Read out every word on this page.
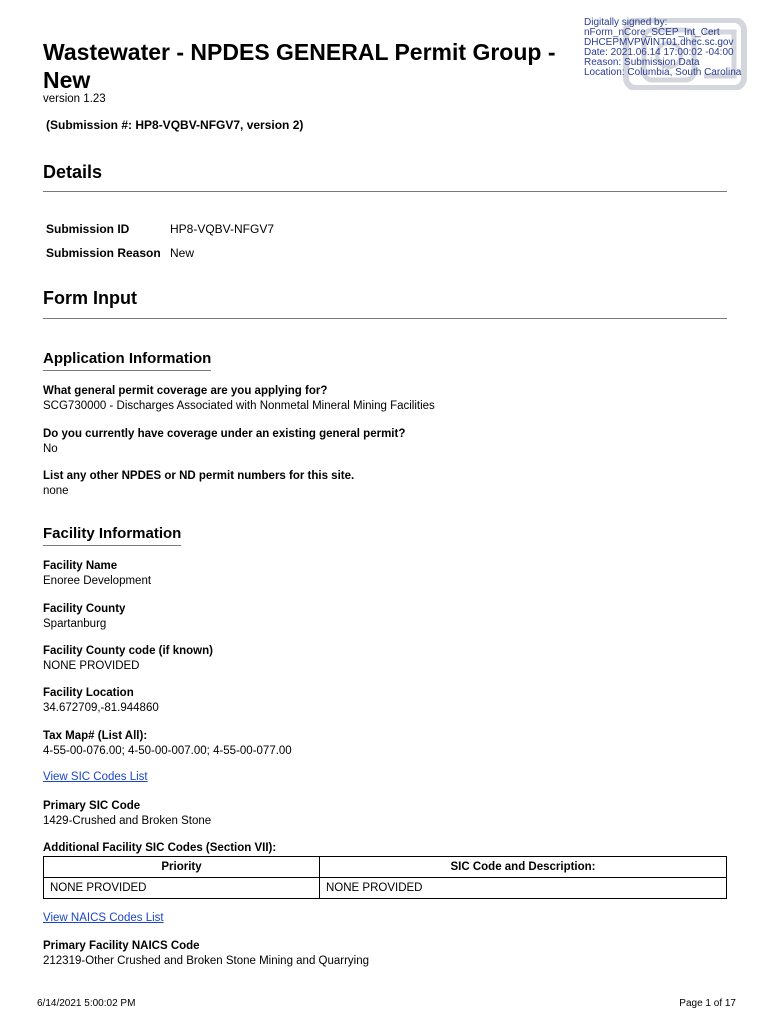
Digitally signed by:
nForm_nCore_SCEP_Int_Cert
DHCEPMVPWINT01.dhec.sc.gov
Date: 2021.06.14 17:00:02 -04:00
Reason: Submission Data
Location: Columbia, South Carolina
Wastewater - NPDES GENERAL Permit Group - New
version 1.23
(Submission #: HP8-VQBV-NFGV7, version 2)
Details
Submission ID	HP8-VQBV-NFGV7
Submission Reason New
Form Input
Application Information
What general permit coverage are you applying for?
SCG730000 - Discharges Associated with Nonmetal Mineral Mining Facilities
Do you currently have coverage under an existing general permit?
No
List any other NPDES or ND permit numbers for this site.
none
Facility Information
Facility Name
Enoree Development
Facility County
Spartanburg
Facility County code (if known)
NONE PROVIDED
Facility Location
34.672709,-81.944860
Tax Map# (List All):
4-55-00-076.00; 4-50-00-007.00; 4-55-00-077.00
View SIC Codes List
Primary SIC Code
1429-Crushed and Broken Stone
Additional Facility SIC Codes (Section VII):
Priority	SIC Code and Description:
NONE PROVIDED	NONE PROVIDED
View NAICS Codes List
Primary Facility NAICS Code
212319-Other Crushed and Broken Stone Mining and Quarrying
6/14/2021 5:00:02 PM	Page 1 of 17
